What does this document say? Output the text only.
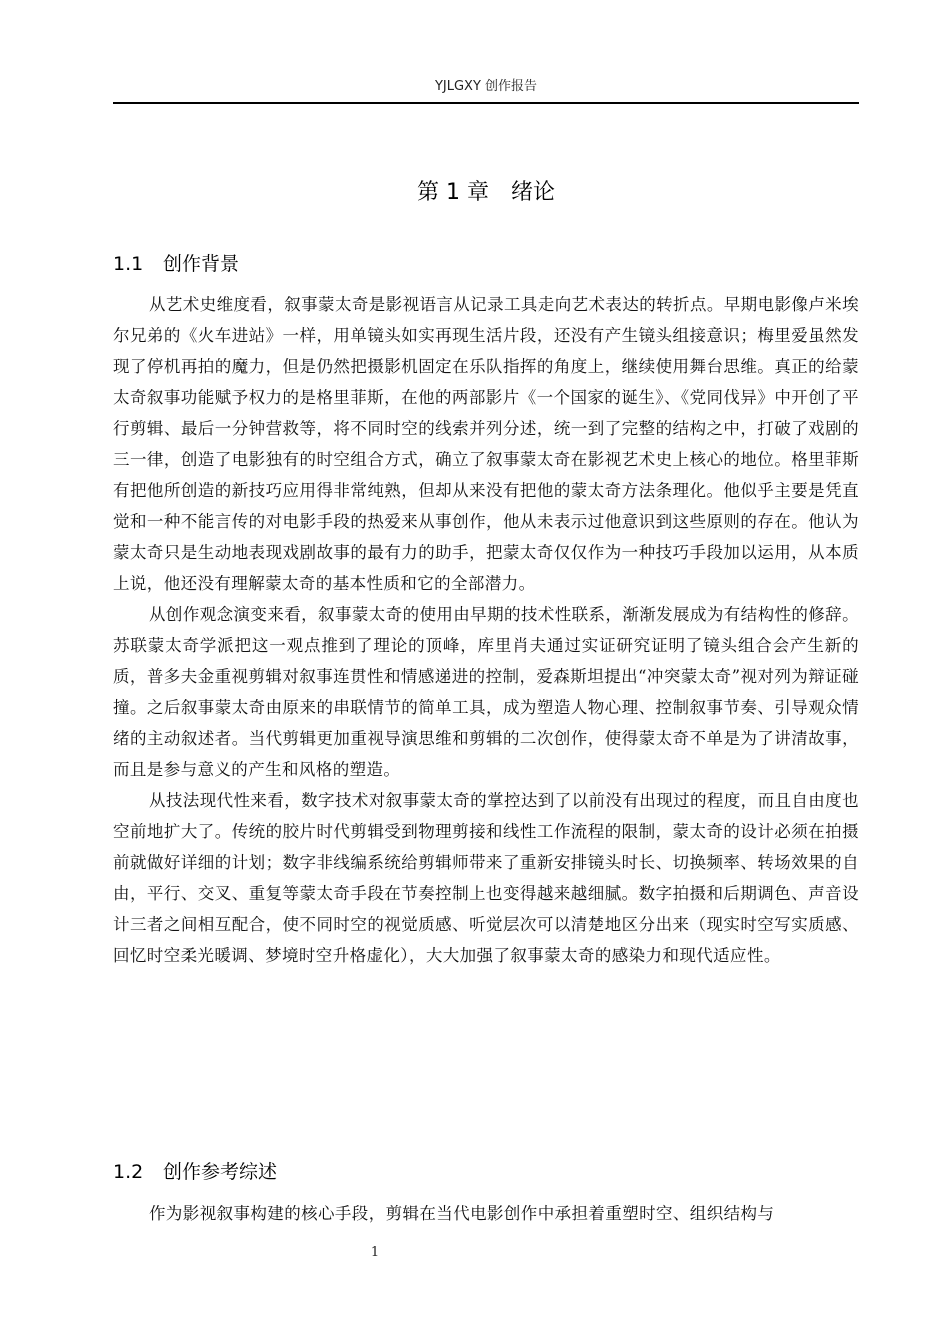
YJLGXY 创作报告
第 1 章　绪论
1.1 创作背景

从艺术史维度看，叙事蒙太奇是影视语言从记录工具走向艺术表达的转折点。早期电影像卢米埃尔兄弟的《火车进站》一样，用单镜头如实再现生活片段，还没有产生镜头组接意识；梅里爱虽然发现了停机再拍的魔力，但是仍然把摄影机固定在乐队指挥的角度上，继续使用舞台思维。真正的给蒙太奇叙事功能赋予权力的是格里菲斯，在他的两部影片《一个国家的诞生》、《党同伐异》中开创了平行剪辑、最后一分钟营救等，将不同时空的线索并列分述，统一到了完整的结构之中，打破了戏剧的三一律，创造了电影独有的时空组合方式，确立了叙事蒙太奇在影视艺术史上核心的地位。格里菲斯有把他所创造的新技巧应用得非常纯熟，但却从来没有把他的蒙太奇方法条理化。他似乎主要是凭直觉和一种不能言传的对电影手段的热爱来从事创作，他从未表示过他意识到这些原则的存在。他认为蒙太奇只是生动地表现戏剧故事的最有力的助手，把蒙太奇仅仅作为一种技巧手段加以运用，从本质上说，他还没有理解蒙太奇的基本性质和它的全部潜力。

从创作观念演变来看，叙事蒙太奇的使用由早期的技术性联系，渐渐发展成为有结构性的修辞。苏联蒙太奇学派把这一观点推到了理论的顶峰，库里肖夫通过实证研究证明了镜头组合会产生新的质，普多夫金重视剪辑对叙事连贯性和情感递进的控制，爱森斯坦提出“冲突蒙太奇”视对列为辩证碰撞。之后叙事蒙太奇由原来的串联情节的简单工具，成为塑造人物心理、控制叙事节奏、引导观众情绪的主动叙述者。当代剪辑更加重视导演思维和剪辑的二次创作，使得蒙太奇不单是为了讲清故事，而且是参与意义的产生和风格的塑造。

从技法现代性来看，数字技术对叙事蒙太奇的掌控达到了以前没有出现过的程度，而且自由度也空前地扩大了。传统的胶片时代剪辑受到物理剪接和线性工作流程的限制，蒙太奇的设计必须在拍摄前就做好详细的计划；数字非线编系统给剪辑师带来了重新安排镜头时长、切换频率、转场效果的自由，平行、交叉、重复等蒙太奇手段在节奏控制上也变得越来越细腻。数字拍摄和后期调色、声音设计三者之间相互配合，使不同时空的视觉质感、听觉层次可以清楚地区分出来（现实时空写实质感、回忆时空柔光暖调、梦境时空升格虚化），大大加强了叙事蒙太奇的感染力和现代适应性。

1.2 创作参考综述

作为影视叙事构建的核心手段，剪辑在当代电影创作中承担着重塑时空、组织结构与

1
